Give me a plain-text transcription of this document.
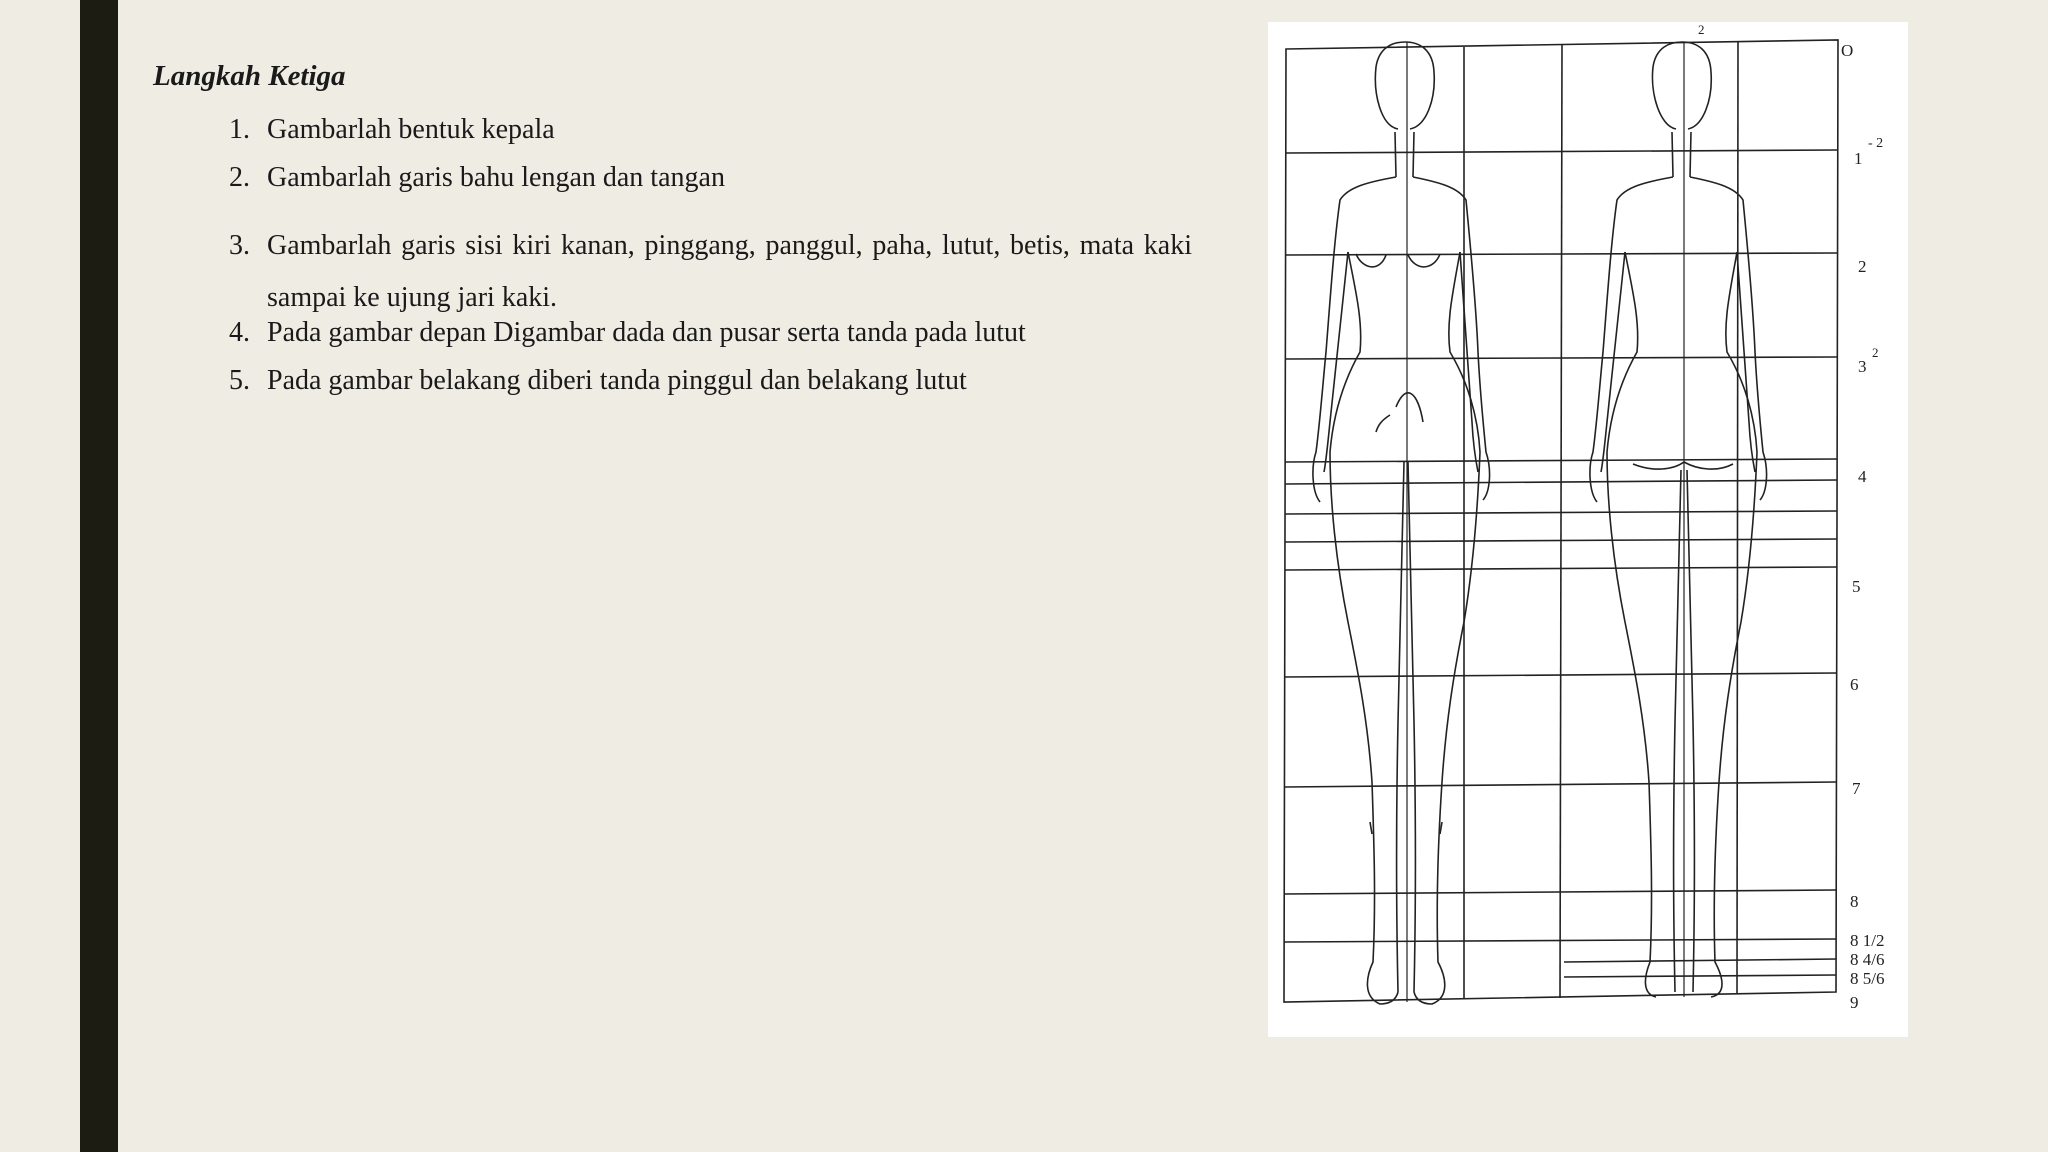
Langkah Ketiga
1. Gambarlah bentuk kepala
2. Gambarlah garis bahu lengan dan tangan
3. Gambarlah garis sisi kiri kanan, pinggang, panggul, paha, lutut, betis, mata kaki sampai ke ujung jari kaki.
4. Pada gambar depan Digambar dada dan pusar serta tanda pada lutut
5. Pada gambar belakang diberi tanda pinggul dan belakang lutut
O
1
2
3
4
5
6
7
8
8 1/2
8 4/6
8 5/6
9
2
- 2
2
